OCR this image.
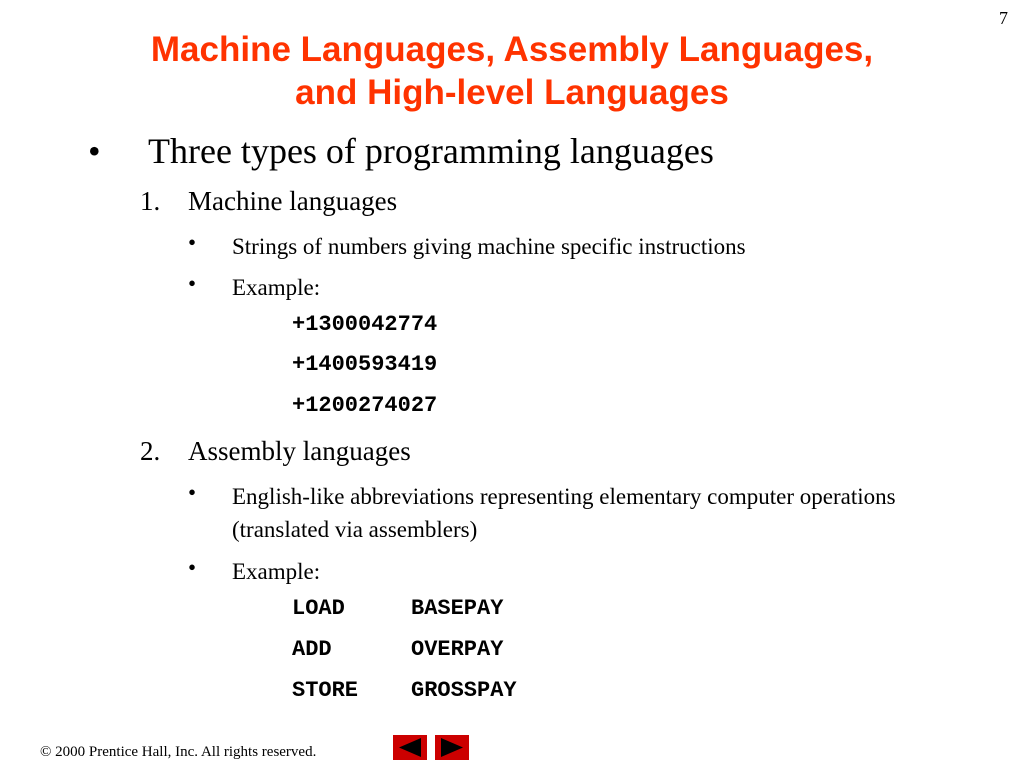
7
Machine Languages, Assembly Languages,
and High-level Languages
• Three types of programming languages
1. Machine languages
• Strings of numbers giving machine specific instructions
• Example:
+1300042774
+1400593419
+1200274027
2. Assembly languages
• English-like abbreviations representing elementary computer operations (translated via assemblers)
• Example:
LOAD	BASEPAY
ADD	OVERPAY
STORE GROSSPAY
© 2000 Prentice Hall, Inc. All rights reserved.
